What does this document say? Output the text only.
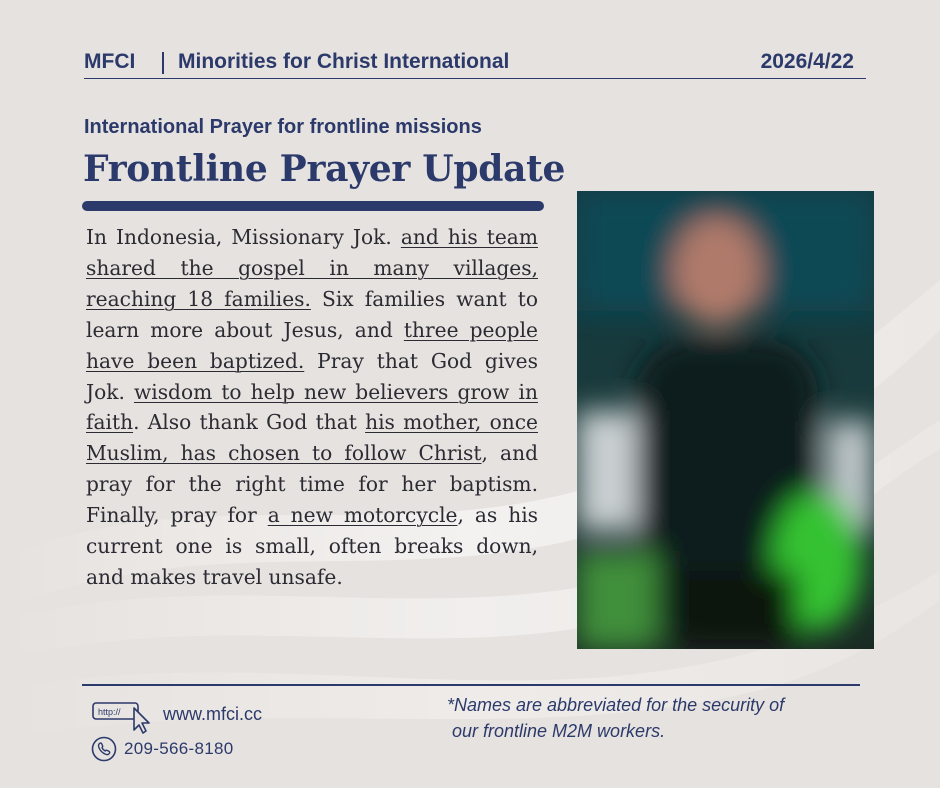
MFCI Minorities for Christ International	2026/4/22
International Prayer for frontline missions
Frontline Prayer Update
In Indonesia, Missionary Jok. and his team shared the gospel in many villages, reaching 18 families. Six families want to learn more about Jesus, and three people have been baptized. Pray that God gives Jok. wisdom to help new believers grow in faith. Also thank God that his mother, once Muslim, has chosen to follow Christ, and pray for the right time for her baptism. Finally, pray for a new motorcycle, as his current one is small, often breaks down, and makes travel unsafe.
http:// www.mfci.cc
209-566-8180
*Names are abbreviated for the security of
our frontline M2M workers.
